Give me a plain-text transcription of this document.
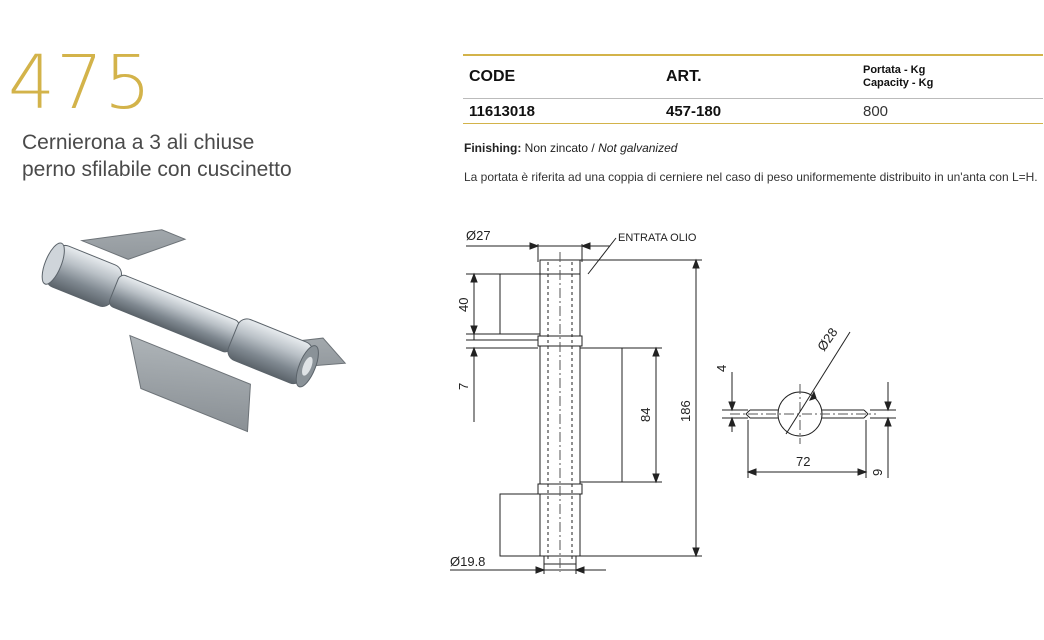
475
Cernierona a 3 ali chiuse
perno sfilabile con cuscinetto
CODE	ART.	Portata - Kg
Capacity - Kg

11613018	457-180	800
Finishing: Non zincato / Not galvanized
La portata è riferita ad una coppia di cerniere nel caso di peso uniformemente distribuito in un'anta con L=H.
Ø27	ENTRATA OLIO
40
7
84 186
Ø19.8
Ø28
4
72
9
